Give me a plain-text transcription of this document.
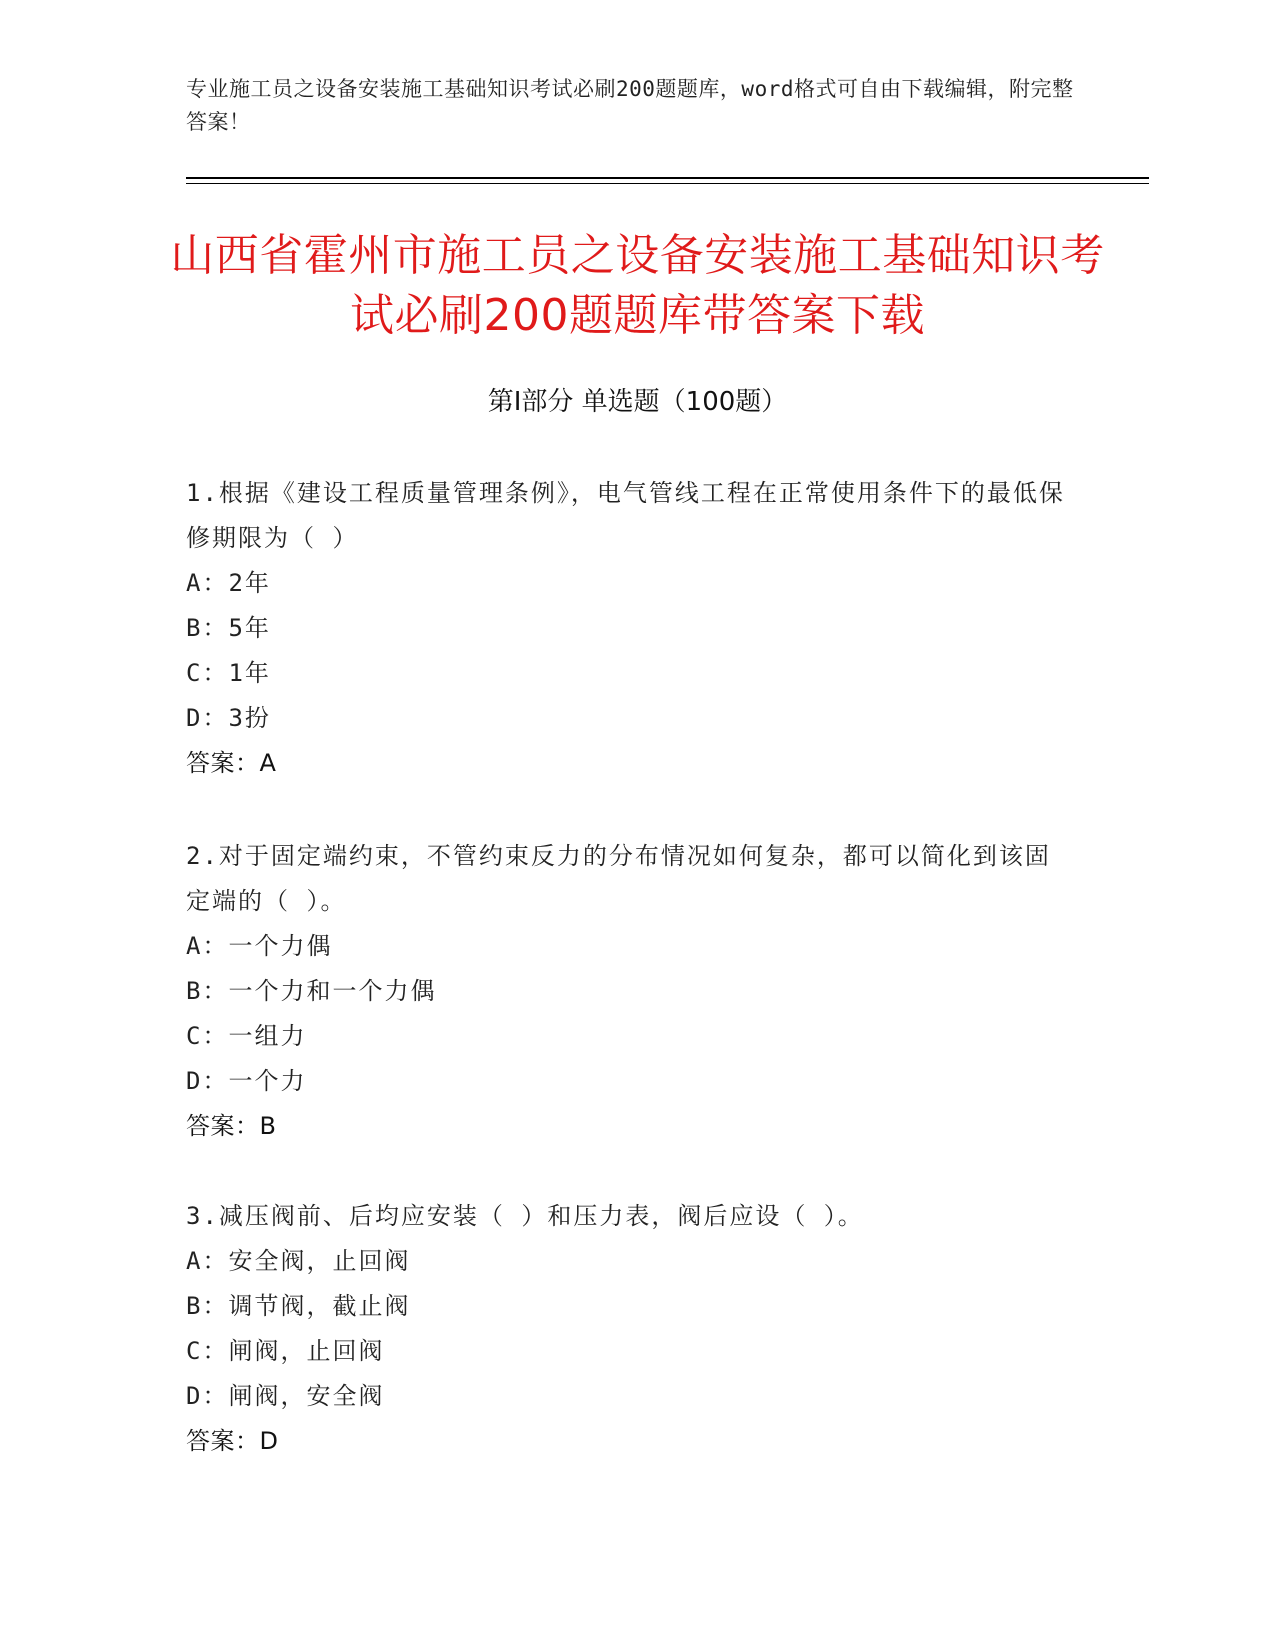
专业施工员之设备安装施工基础知识考试必刷200题题库，word格式可自由下载编辑，附完整答案！
山西省霍州市施工员之设备安装施工基础知识考试必刷200题题库带答案下载
第Ⅰ部分 单选题（100题）
1.根据《建设工程质量管理条例》，电气管线工程在正常使用条件下的最低保修期限为（ ）
A：2年
B：5年
C：1年
D：3扮
答案：A
2.对于固定端约束，不管约束反力的分布情况如何复杂，都可以简化到该固定端的（ ）。
A：一个力偶
B：一个力和一个力偶
C：一组力
D：一个力
答案：B
3.减压阀前、后均应安装（ ）和压力表，阀后应设（ ）。
A：安全阀，止回阀
B：调节阀，截止阀
C：闸阀，止回阀
D：闸阀，安全阀
答案：D
